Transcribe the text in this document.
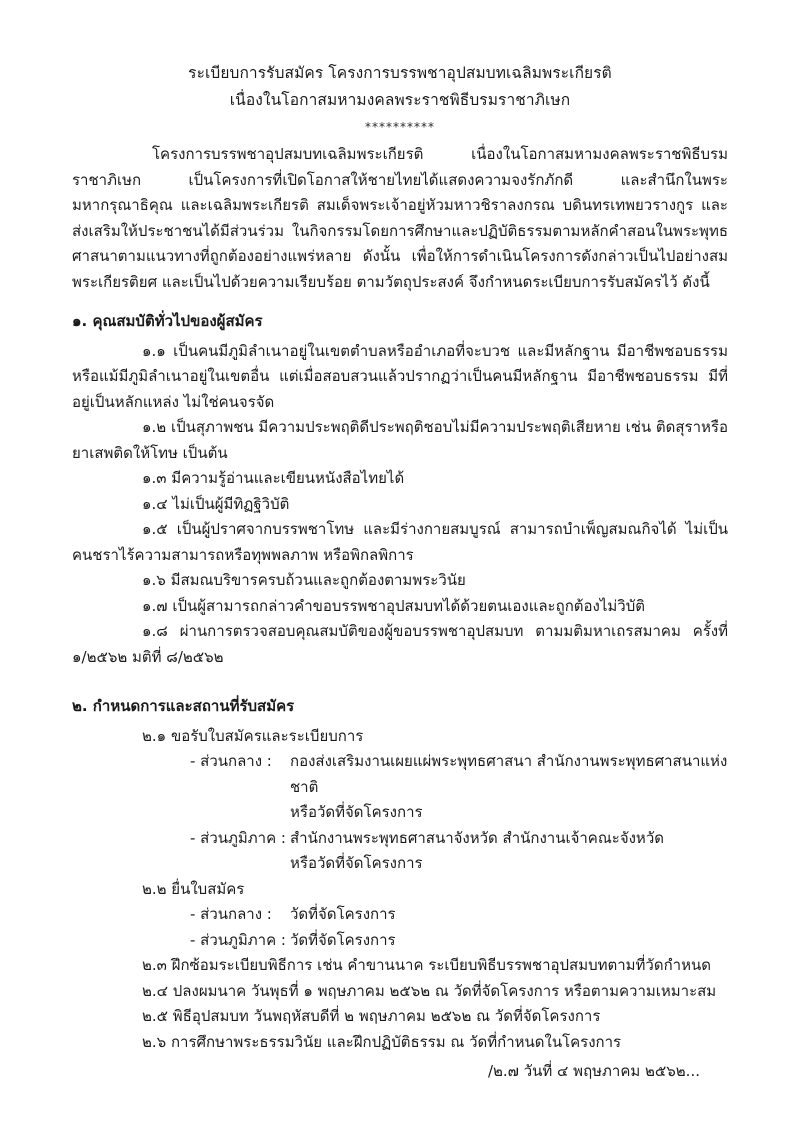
ระเบียบการรับสมัคร โครงการบรรพชาอุปสมบทเฉลิมพระเกียรติ
เนื่องในโอกาสมหามงคลพระราชพิธีบรมราชาภิเษก
**********

โครงการบรรพชาอุปสมบทเฉลิมพระเกียรติ เนื่องในโอกาสมหามงคลพระราชพิธีบรมราชาภิเษก เป็นโครงการที่เปิดโอกาสให้ชายไทยได้แสดงความจงรักภักดี และสำนึกในพระมหากรุณาธิคุณ และเฉลิมพระเกียรติ สมเด็จพระเจ้าอยู่หัวมหาวชิราลงกรณ บดินทรเทพยวรางกูร และส่งเสริมให้ประชาชนได้มีส่วนร่วม ในกิจกรรมโดยการศึกษาและปฏิบัติธรรมตามหลักคำสอนในพระพุทธศาสนาตามแนวทางที่ถูกต้องอย่างแพร่หลาย ดังนั้น เพื่อให้การดำเนินโครงการดังกล่าวเป็นไปอย่างสมพระเกียรติยศ และเป็นไปด้วยความเรียบร้อย ตามวัตถุประสงค์ จึงกำหนดระเบียบการรับสมัครไว้ ดังนี้

๑. คุณสมบัติทั่วไปของผู้สมัคร

๑.๑ เป็นคนมีภูมิลำเนาอยู่ในเขตตำบลหรืออำเภอที่จะบวช และมีหลักฐาน มีอาชีพชอบธรรม หรือแม้มีภูมิลำเนาอยู่ในเขตอื่น แต่เมื่อสอบสวนแล้วปรากฏว่าเป็นคนมีหลักฐาน มีอาชีพชอบธรรม มีที่อยู่เป็นหลักแหล่ง ไม่ใช่คนจรจัด

๑.๒ เป็นสุภาพชน มีความประพฤติดีประพฤติชอบไม่มีความประพฤติเสียหาย เช่น ติดสุราหรือยาเสพติดให้โทษ เป็นต้น

๑.๓ มีความรู้อ่านและเขียนหนังสือไทยได้

๑.๔ ไม่เป็นผู้มีทิฏฐิวิบัติ

๑.๕ เป็นผู้ปราศจากบรรพชาโทษ และมีร่างกายสมบูรณ์ สามารถบำเพ็ญสมณกิจได้ ไม่เป็นคนชราไร้ความสามารถหรือทุพพลภาพ หรือพิกลพิการ

๑.๖ มีสมณบริขารครบถ้วนและถูกต้องตามพระวินัย

๑.๗ เป็นผู้สามารถกล่าวคำขอบรรพชาอุปสมบทได้ด้วยตนเองและถูกต้องไม่วิบัติ

๑.๘ ผ่านการตรวจสอบคุณสมบัติของผู้ขอบรรพชาอุปสมบท ตามมติมหาเถรสมาคม ครั้งที่ ๑/๒๕๖๒ มติที่ ๘/๒๕๖๒

๒. กำหนดการและสถานที่รับสมัคร

๒.๑ ขอรับใบสมัครและระเบียบการ

- ส่วนกลาง :	กองส่งเสริมงานเผยแผ่พระพุทธศาสนา สำนักงานพระพุทธศาสนาแห่งชาติ
หรือวัดที่จัดโครงการ
- ส่วนภูมิภาค : สำนักงานพระพุทธศาสนาจังหวัด สำนักงานเจ้าคณะจังหวัด
หรือวัดที่จัดโครงการ

๒.๒ ยื่นใบสมัคร

- ส่วนกลาง :	วัดที่จัดโครงการ
- ส่วนภูมิภาค : วัดที่จัดโครงการ

๒.๓ ฝึกซ้อมระเบียบพิธีการ เช่น คำขานนาค ระเบียบพิธีบรรพชาอุปสมบทตามที่วัดกำหนด

๒.๔ ปลงผมนาค วันพุธที่ ๑ พฤษภาคม ๒๕๖๒ ณ วัดที่จัดโครงการ หรือตามความเหมาะสม

๒.๕ พิธีอุปสมบท วันพฤหัสบดีที่ ๒ พฤษภาคม ๒๕๖๒ ณ วัดที่จัดโครงการ

๒.๖ การศึกษาพระธรรมวินัย และฝึกปฏิบัติธรรม ณ วัดที่กำหนดในโครงการ

/๒.๗ วันที่ ๔ พฤษภาคม ๒๕๖๒...
